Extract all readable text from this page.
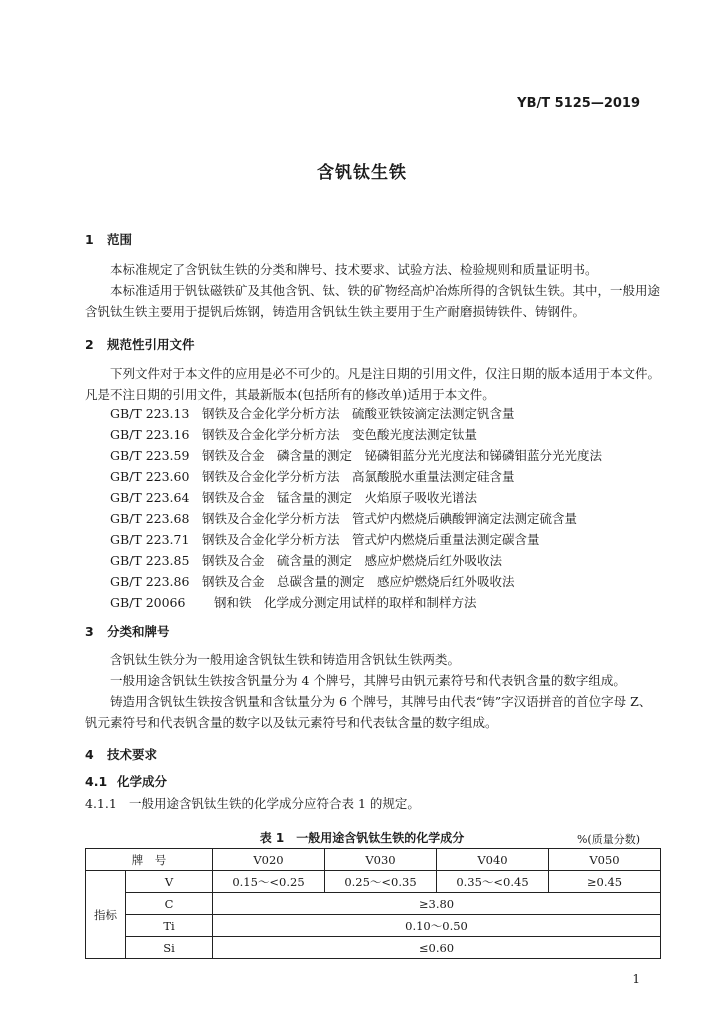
YB/T 5125—2019
含钒钛生铁
1 范围
本标准规定了含钒钛生铁的分类和牌号、技术要求、试验方法、检验规则和质量证明书。
本标准适用于钒钛磁铁矿及其他含钒、钛、铁的矿物经高炉冶炼所得的含钒钛生铁。其中，一般用途含钒钛生铁主要用于提钒后炼钢，铸造用含钒钛生铁主要用于生产耐磨损铸铁件、铸钢件。
2 规范性引用文件
下列文件对于本文件的应用是必不可少的。凡是注日期的引用文件，仅注日期的版本适用于本文件。凡是不注日期的引用文件，其最新版本(包括所有的修改单)适用于本文件。
GB/T 223.13 钢铁及合金化学分析方法　硫酸亚铁铵滴定法测定钒含量
GB/T 223.16 钢铁及合金化学分析方法　变色酸光度法测定钛量
GB/T 223.59 钢铁及合金　磷含量的测定　铋磷钼蓝分光光度法和锑磷钼蓝分光光度法
GB/T 223.60 钢铁及合金化学分析方法　高氯酸脱水重量法测定硅含量
GB/T 223.64 钢铁及合金　锰含量的测定　火焰原子吸收光谱法
GB/T 223.68 钢铁及合金化学分析方法　管式炉内燃烧后碘酸钾滴定法测定硫含量
GB/T 223.71 钢铁及合金化学分析方法　管式炉内燃烧后重量法测定碳含量
GB/T 223.85 钢铁及合金　硫含量的测定　感应炉燃烧后红外吸收法
GB/T 223.86 钢铁及合金　总碳含量的测定　感应炉燃烧后红外吸收法
GB/T 20066 钢和铁　化学成分测定用试样的取样和制样方法
3 分类和牌号
含钒钛生铁分为一般用途含钒钛生铁和铸造用含钒钛生铁两类。
一般用途含钒钛生铁按含钒量分为 4 个牌号，其牌号由钒元素符号和代表钒含量的数字组成。
铸造用含钒钛生铁按含钒量和含钛量分为 6 个牌号，其牌号由代表“铸”字汉语拼音的首位字母 Z、钒元素符号和代表钒含量的数字以及钛元素符号和代表钛含量的数字组成。
4 技术要求
4.1 化学成分
4.1.1 一般用途含钒钛生铁的化学成分应符合表 1 的规定。
表 1　一般用途含钒钛生铁的化学成分	%(质量分数)
牌　号		V020	V030	V040	V050
指标	V	0.15～<0.25	0.25～<0.35	0.35～<0.45	≥0.45
	C	≥3.80			
	Ti	0.10～0.50			
	Si	≤0.60			
1
